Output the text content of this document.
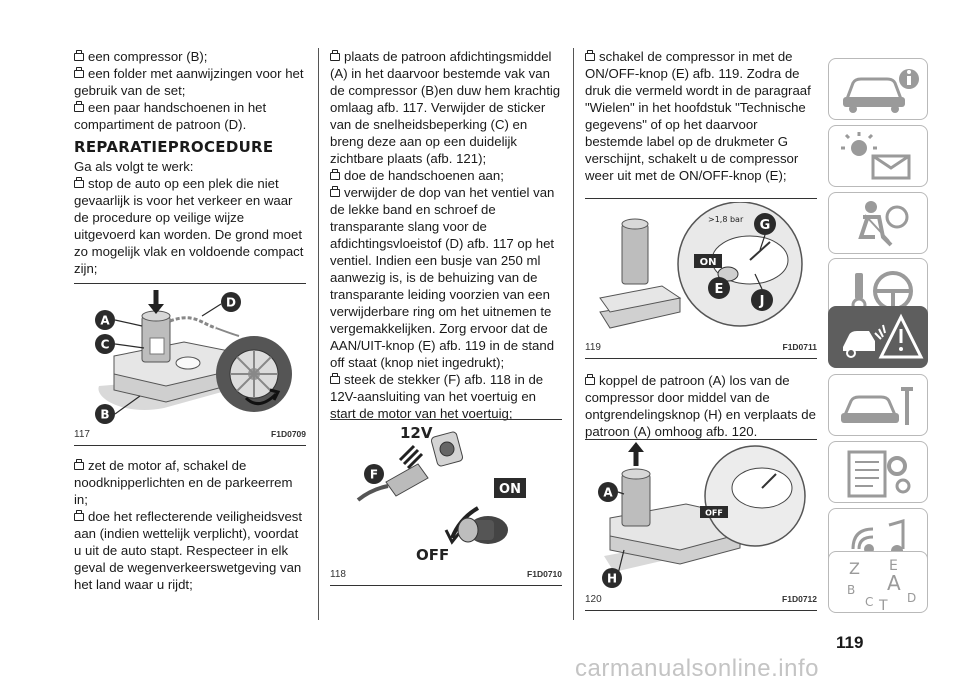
een compressor (B);

een folder met aanwijzingen voor het gebruik van de set;

een paar handschoenen in het compartiment de patroon (D).

REPARATIEPROCEDURE

Ga als volgt te werk:

stop de auto op een plek die niet gevaarlijk is voor het verkeer en waar de procedure op veilige wijze uitgevoerd kan worden. De grond moet zo mogelijk vlak en voldoende compact zijn;

A
C
B
D
117	F1D0709

zet de motor af, schakel de noodknipperlichten en de parkeerrem in;

doe het reflecterende veiligheidsvest aan (indien wettelijk verplicht), voordat u uit de auto stapt. Respecteer in elk geval de wegenverkeerswetgeving van het land waar u rijdt;

plaats de patroon afdichtingsmiddel (A) in het daarvoor bestemde vak van de compressor (B)en duw hem krachtig omlaag afb. 117. Verwijder de sticker van de snelheidsbeperking (C) en breng deze aan op een duidelijk zichtbare plaats (afb. 121);

doe de handschoenen aan;

verwijder de dop van het ventiel van de lekke band en schroef de transparante slang voor de afdichtingsvloeistof (D) afb. 117 op het ventiel. Indien een busje van 250 ml aanwezig is, is de behuizing van de transparante leiding voorzien van een verwijderbare ring om het uitnemen te vergemakkelijken. Zorg ervoor dat de AAN/UIT-knop (E) afb. 119 in de stand off staat (knop niet ingedrukt);

steek de stekker (F) afb. 118 in de 12V-aansluiting van het voertuig en start de motor van het voertuig;

12V
F
ON
OFF
118	F1D0710

schakel de compressor in met de ON/OFF-knop (E) afb. 119. Zodra de druk die vermeld wordt in de paragraaf "Wielen" in het hoofdstuk "Technische gegevens" of op het daarvoor bestemde label op de drukmeter G verschijnt, schakelt u de compressor weer uit met de ON/OFF-knop (E);

>1,8 bar G
ON
E
J
119	F1D0711

koppel de patroon (A) los van de compressor door middel van de ontgrendelingsknop (H) en verplaats de patroon (A) omhoog afb. 120.

OFF
A
H
120	F1D0712
Z E
B A
C T D
119
carmanualsonline.info
